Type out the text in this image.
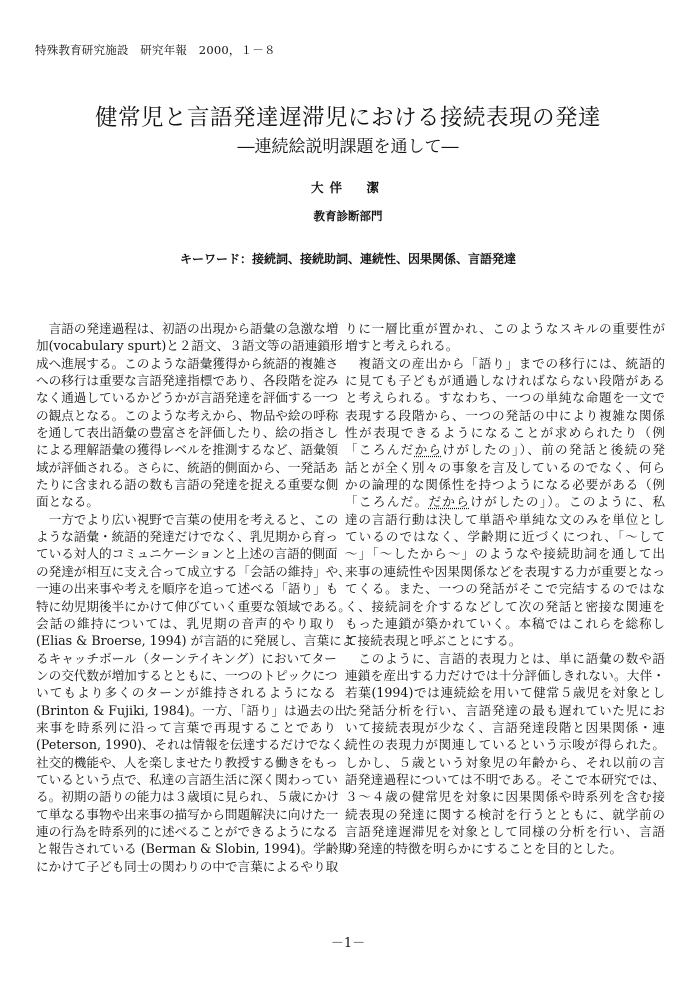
特殊教育研究施設　研究年報　2000，１－８
健常児と言語発達遅滞児における接続表現の発達
―連続絵説明課題を通して―
大伴　潔
教育診断部門
キーワード：接続詞、接続助詞、連続性、因果関係、言語発達
　言語の発達過程は、初語の出現から語彙の急激な増
加(vocabulary spurt)と２語文、３語文等の語連鎖形
成へ進展する。このような語彙獲得から統語的複雑さ
への移行は重要な言語発達指標であり、各段階を淀み
なく通過しているかどうかが言語発達を評価する一つ
の観点となる。このような考えから、物品や絵の呼称
を通して表出語彙の豊富さを評価したり、絵の指さし
による理解語彙の獲得レベルを推測するなど、語彙領
域が評価される。さらに、統語的側面から、一発話あ
たりに含まれる語の数も言語の発達を捉える重要な側
面となる。
　一方でより広い視野で言葉の使用を考えると、この
ような語彙・統語的発達だけでなく、乳児期から育っ
ている対人的コミュニケーションと上述の言語的側面
の発達が相互に支え合って成立する「会話の維持」や、
一連の出来事や考えを順序を追って述べる「語り」も
特に幼児期後半にかけて伸びていく重要な領域である。
会話の維持については、乳児期の音声的やり取り
(Elias & Broerse, 1994) が言語的に発展し、言葉によ
るキャッチボール（ターンテイキング）においてター
ンの交代数が増加するとともに、一つのトピックにつ
いてもより多くのターンが維持されるようになる
(Brinton & Fujiki, 1984)。一方、「語り」は過去の出
来事を時系列に沿って言葉で再現することであり
(Peterson, 1990)、それは情報を伝達するだけでなく、
社交的機能や、人を楽しませたり教授する働きをもっ
ているという点で、私達の言語生活に深く関わってい
る。初期の語りの能力は３歳頃に見られ、５歳にかけ
て単なる事物や出来事の描写から問題解決に向けた一
連の行為を時系列的に述べることができるようになる
と報告されている (Berman & Slobin, 1994)。学齢期
にかけて子ども同士の関わりの中で言葉によるやり取
りに一層比重が置かれ、このようなスキルの重要性が
増すと考えられる。
　複語文の産出から「語り」までの移行には、統語的
に見ても子どもが通過しなければならない段階がある
と考えられる。すなわち、一つの単純な命題を一文で
表現する段階から、一つの発話の中により複雑な関係
性が表現できるようになることが求められたり（例
「ころんだからけがしたの」）、前の発話と後続の発
話とが全く別々の事象を言及しているのでなく、何ら
かの論理的な関係性を持つようになる必要がある（例
「ころんだ。だからけがしたの」）。このように、私
達の言語行動は決して単語や単純な文のみを単位とし
ているのではなく、学齢期に近づくにつれ、「～して
～」「～したから～」のようなや接続助詞を通して出
来事の連続性や因果関係などを表現する力が重要となっ
てくる。また、一つの発話がそこで完結するのではな
く、接続詞を介するなどして次の発話と密接な関連を
もった連鎖が築かれていく。本稿ではこれらを総称し
て接続表現と呼ぶことにする。
　このように、言語的表現力とは、単に語彙の数や語
連鎖を産出する力だけでは十分評価しきれない。大伴・
若葉(1994)では連続絵を用いて健常５歳児を対象とし
た発話分析を行い、言語発達の最も遅れていた児にお
いて接続表現が少なく、言語発達段階と因果関係・連
続性の表現力が関連しているという示唆が得られた。
しかし、５歳という対象児の年齢から、それ以前の言
語発達過程については不明である。そこで本研究では、
３～４歳の健常児を対象に因果関係や時系列を含む接
続表現の発達に関する検討を行うとともに、就学前の
言語発達遅滞児を対象として同様の分析を行い、言語
の発達的特徴を明らかにすることを目的とした。
－1－
